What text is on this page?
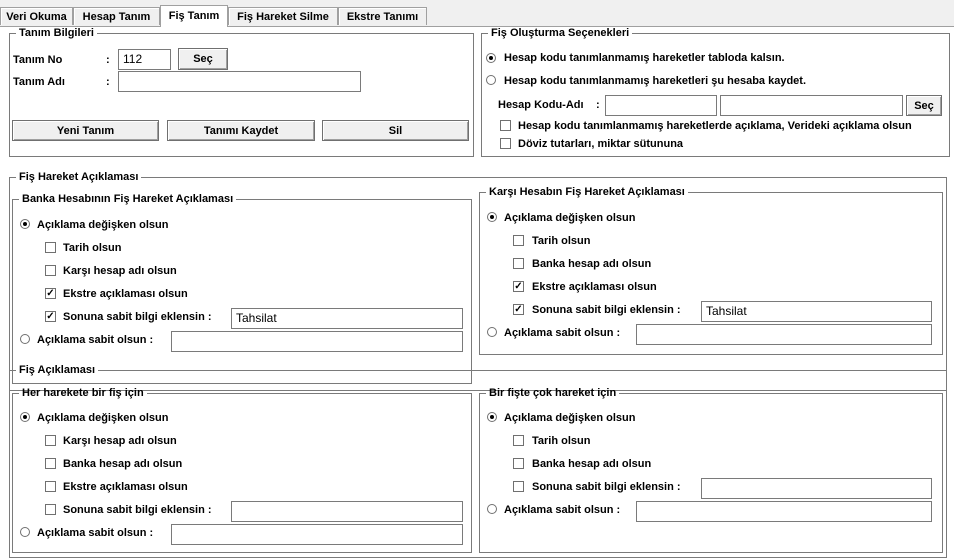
Veri Okuma	Hesap Tanım	Fiş Tanım	Fiş Hareket Silme	Ekstre Tanımı
Tanım Bilgileri
Tanım No	:	112	Seç
Tanım Adı	:
Yeni Tanım	Tanımı Kaydet	Sil
Fiş Oluşturma Seçenekleri
Hesap kodu tanımlanmamış hareketler tabloda kalsın.
Hesap kodu tanımlanmamış hareketleri şu hesaba kaydet.
Hesap Kodu-Adı :	Seç
Hesap kodu tanımlanmamış hareketlerde açıklama, Verideki açıklama olsun
Döviz tutarları, miktar sütununa
Fiş Hareket Açıklaması
Banka Hesabının Fiş Hareket Açıklaması
Açıklama değişken olsun
Tarih olsun
Karşı hesap adı olsun
✓ Ekstre açıklaması olsun
✓ Sonuna sabit bilgi eklensin :	Tahsilat
Açıklama sabit olsun :
Karşı Hesabın Fiş Hareket Açıklaması
Açıklama değişken olsun
Tarih olsun
Banka hesap adı olsun
✓ Ekstre açıklaması olsun
✓ Sonuna sabit bilgi eklensin :	Tahsilat
Açıklama sabit olsun :
Fiş Açıklaması
Her harekete bir fiş için
Açıklama değişken olsun
Karşı hesap adı olsun
Banka hesap adı olsun
Ekstre açıklaması olsun
Sonuna sabit bilgi eklensin :
Açıklama sabit olsun :
Bir fişte çok hareket için
Açıklama değişken olsun
Tarih olsun
Banka hesap adı olsun
Sonuna sabit bilgi eklensin :
Açıklama sabit olsun :
